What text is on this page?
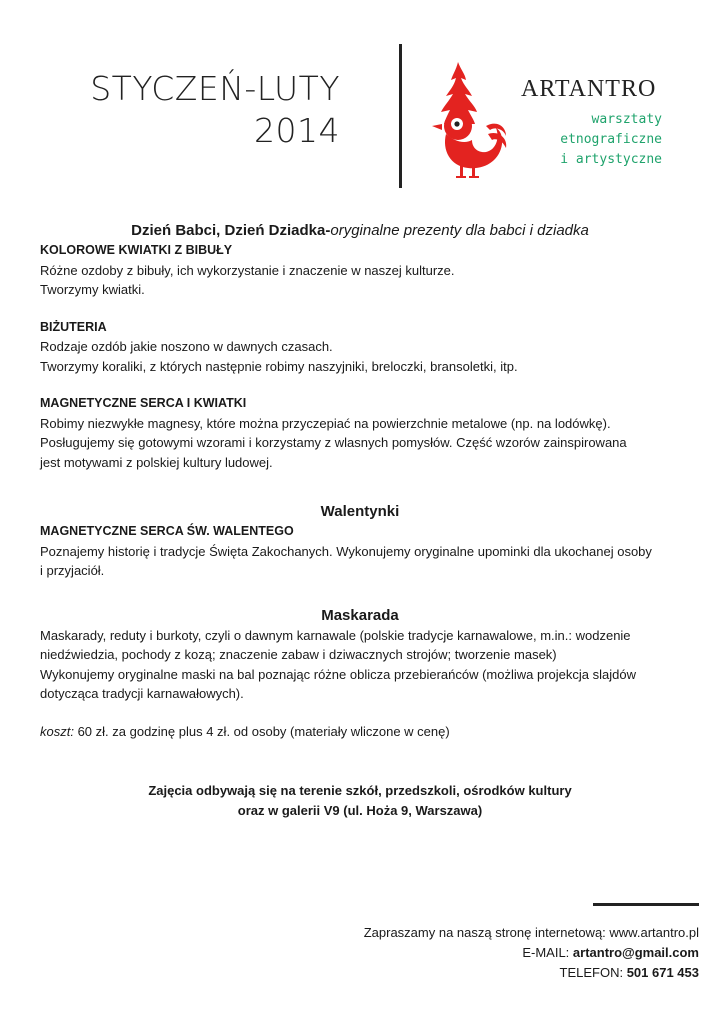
STYCZEŃ-LUTY
2014
ARTANTRO
warsztaty
etnograficzne
i artystyczne
Dzień Babci, Dzień Dziadka-oryginalne prezenty dla babci i dziadka
KOLOROWE KWIATKI Z BIBUŁY
Różne ozdoby z bibuły, ich wykorzystanie i znaczenie w naszej kulturze.
Tworzymy kwiatki.
BIŻUTERIA
Rodzaje ozdób jakie noszono w dawnych czasach.
Tworzymy koraliki, z których następnie robimy naszyjniki, breloczki, bransoletki, itp.
MAGNETYCZNE SERCA I KWIATKI
Robimy niezwykłe magnesy, które można przyczepiać na powierzchnie metalowe (np. na lodówkę).
Posługujemy się gotowymi wzorami i korzystamy z wlasnych pomysłów. Część wzorów zainspirowana
jest motywami z polskiej kultury ludowej.
Walentynki
MAGNETYCZNE SERCA ŚW. WALENTEGO
Poznajemy historię i tradycje Święta Zakochanych. Wykonujemy oryginalne upominki dla ukochanej osoby
i przyjaciół.
Maskarada
Maskarady, reduty i burkoty, czyli o dawnym karnawale (polskie tradycje karnawalowe, m.in.: wodzenie
niedźwiedzia, pochody z kozą; znaczenie zabaw i dziwacznych strojów; tworzenie masek)
Wykonujemy oryginalne maski na bal poznając różne oblicza przebierańców (możliwa projekcja slajdów
dotycząca tradycji karnawałowych).
koszt: 60 zł. za godzinę plus 4 zł. od osoby (materiały wliczone w cenę)
Zajęcia odbywają się na terenie szkół, przedszkoli, ośrodków kultury
oraz w galerii V9 (ul. Hoża 9, Warszawa)
Zapraszamy na naszą stronę internetową: www.artantro.pl
E-MAIL: artantro@gmail.com
TELEFON: 501 671 453
